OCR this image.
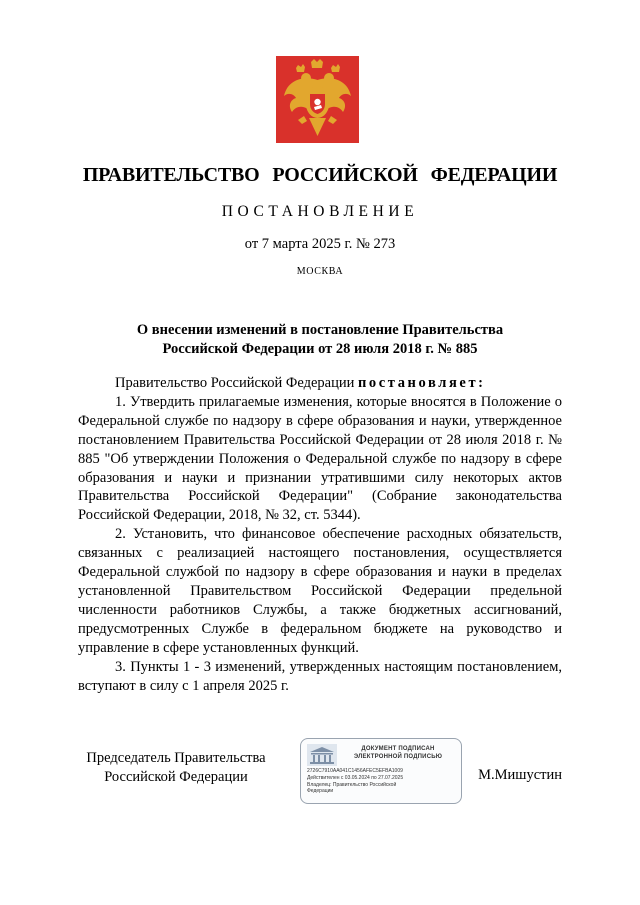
ПРАВИТЕЛЬСТВО РОССИЙСКОЙ ФЕДЕРАЦИИ
ПОСТАНОВЛЕНИЕ
от 7 марта 2025 г. № 273
МОСКВА
О внесении изменений в постановление Правительства
Российской Федерации от 28 июля 2018 г. № 885

Правительство Российской Федерации постановляет:

1. Утвердить прилагаемые изменения, которые вносятся в Положение о Федеральной службе по надзору в сфере образования и науки, утвержденное постановлением Правительства Российской Федерации от 28 июля 2018 г. № 885 "Об утверждении Положения о Федеральной службе по надзору в сфере образования и науки и признании утратившими силу некоторых актов Правительства Российской Федерации" (Собрание законодательства Российской Федерации, 2018, № 32, ст. 5344).

2. Установить, что финансовое обеспечение расходных обязательств, связанных с реализацией настоящего постановления, осуществляется Федеральной службой по надзору в сфере образования и науки в пределах установленной Правительством Российской Федерации предельной численности работников Службы, а также бюджетных ассигнований, предусмотренных Службе в федеральном бюджете на руководство и управление в сфере установленных функций.

3. Пункты 1 - 3 изменений, утвержденных настоящим постановлением, вступают в силу с 1 апреля 2025 г.

Председатель Правительства
Российской Федерации
ДОКУМЕНТ ПОДПИСАН
ЭЛЕКТРОННОЙ ПОДПИСЬЮ
2726C7910AA041C1456AFEC5EFBA1009
Действителен с 03.05.2024 по 27.07.2025
Владелец: Правительство Российской
Федерации
М.Мишустин
